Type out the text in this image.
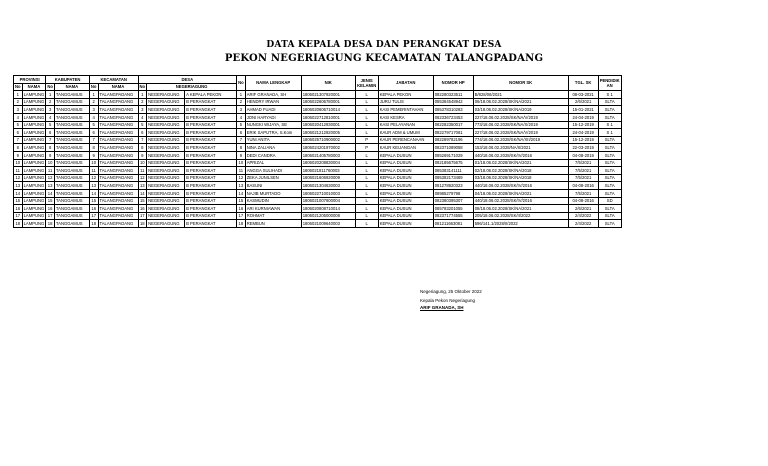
DATA KEPALA DESA DAN PERANGKAT DESA
PEKON NEGERIAGUNG KECAMATAN TALANGPADANG
PROVINSI		KABUPATEN		KECAMATAN		DESA			No	NAMA LENGKAP	NIK	JENIS KELAMIN	JABATAN	NOMOR HP	NOMOR SK	TGL. SK	PENDIDIK AN
No	NAMA	No	NAMA	No	NAMA	No	NEGERIAGUNG										
1	LAMPUNG	1	TANGGAMUS	1	TALANGPADANG	1	NEGERIAGUNG	A KEPALA PEKON	1	ARIF GRANADA, SH	1806021307920001	L	KEPALA PEKON	082280323511	B/828/08/2021	08-03-2021	S 1
2	LAMPUNG	2	TANGGAMUS	2	TALANGPADANG	2	NEGERIAGUNG	B PERANGKAT	2	HENDRY IRWAN	1806022606780001	L	JURU TULIS	085384548942	06/18.06.02.2028/SK/NA/2021	2/6/2021	SLTA
3	LAMPUNG	3	TANGGAMUS	3	TALANGPADANG	3	NEGERIAGUNG	B PERANGKAT	3	AHMAD FUADI	1806020606710014	L	KASI PEMERINTAHAN	085378310283	03/18.06.02.2028/SK/NA/2019	15-01-2021	SLTA
4	LAMPUNG	4	TANGGAMUS	4	TALANGPADANG	4	NEGERIAGUNG	B PERANGKAT	4	JONI HARYADI	1806022712810001	L	KASI KESRA	082336723453	227/18.06.02.2028/SK/NA/V/2019	24-04-2019	SLTA
5	LAMPUNG	5	TANGGAMUS	5	TALANGPADANG	5	NEGERIAGUNG	B PERANGKAT	5	NUNGKI WIJAYA, SE	1806020412930001	L	KASI PELAYANAN	082282350017	773/18.06.02.2028/SK/NA/X/2019	15-12-2019	S 1
6	LAMPUNG	6	TANGGAMUS	6	TALANGPADANG	6	NEGERIAGUNG	B PERANGKAT	6	ERIK SAPUTRA, S.Kom	1806021212920005	L	KAUR ADM & UMUM	082279717081	227/18.06.02.2028/SK/NA/V/2019	24-04-2019	S 1
7	LAMPUNG	7	TANGGAMUS	7	TALANGPADANG	7	NEGERIAGUNG	B PERANGKAT	7	YUNI ANITA	1806025710900002	P	KAUR PERENCANAAN	082289782196	774/18.06.02.2028/SK/NA/XII/2019	15-12-2019	SLTA
8	LAMPUNG	8	TANGGAMUS	8	TALANGPADANG	8	NEGERIAGUNG	B PERANGKAT	8	NINA ZALIANA	1806024201970002	P	KAUR KEUANGAN	082371089058	153/18.06.02.2028/NA/II/2021	22-03-2019	SLTA
9	LAMPUNG	9	TANGGAMUS	9	TALANGPADANG	9	NEGERIAGUNG	B PERANGKAT	9	DEDI CANDRA	1806021405780003	L	KEPALA DUSUN	085269171029	440/18.06.02.2028/SK/IV/2016	04-08-2019	SLTA
10	LAMPUNG	10	TANGGAMUS	10	TALANGPADANG	10	NEGERIAGUNG	B PERANGKAT	10	APRIZAL	1806020208830004	L	KEPALA DUSUN	082185675675	01/18.06.02.2028/SK/NA/2021	7/5/2021	SLTA
11	LAMPUNG	11	TANGGAMUS	11	TALANGPADANG	11	NEGERIAGUNG	B PERANGKAT	11	ANGGA SULIHADI	1806021811760003	L	KEPALA DUSUN	085383141111	02/18.06.02.2028/SK/NA/2018	7/5/2021	SLTA
12	LAMPUNG	12	TANGGAMUS	12	TALANGPADANG	12	NEGERIAGUNG	B PERANGKAT	12	ZEKA JUNILSEN	1806021606920009	L	KEPALA DUSUN	085382173489	03/18.06.02.2028/SK/NA/2018	7/5/2021	SLTA
13	LAMPUNG	13	TANGGAMUS	13	TALANGPADANG	13	NEGERIAGUNG	B PERANGKAT	13	BASUNI	1806021304630003	L	KEPALA DUSUN	081278920323	440/18.06.02.2028/SK/IV/2016	04-08-2016	SLTA
14	LAMPUNG	14	TANGGAMUS	14	TALANGPADANG	14	NEGERIAGUNG	B PERANGKAT	14	NAJIB MURTADO	1806022710010003	L	KEPALA DUSUN	08985279798	04/18.06.02.2028/SK/NA/2021	7/5/2021	SLTA
15	LAMPUNG	15	TANGGAMUS	15	TALANGPADANG	15	NEGERIAGUNG	B PERANGKAT	15	KASMUDIN	1806021007600004	L	KEPALA DUSUN	082380395307	440/18.06.02.2028/SK/IV/2016	04-08-2016	SD
16	LAMPUNG	16	TANGGAMUS	16	TALANGPADANG	16	NEGERIAGUNG	B PERANGKAT	16	ARI KURNIAWAN	1806020808710014	L	KEPALA DUSUN	085783201055	08/18.06.02.2028/SK/NA/2021	2/6/2021	SLTA
17	LAMPUNG	17	TANGGAMUS	17	TALANGPADANG	17	NEGERIAGUNG	B PERANGKAT	17	ROHMAT	1806021205000008	L	KEPALA DUSUN	082371774555	205/18.06.02.2028/SK/II/2022	2/4/2022	SLTA
18	LAMPUNG	18	TANGGAMUS	18	TALANGPADANG	18	NEGERIAGUNG	B PERANGKAT	18	REMBUN	1806021009640003	L	KEPALA DUSUN	081211663081	596/141.1/2028/II/2022	2/4/2022	SLTA
Negeriagung, 25 Oktober 2022
Kepala Pekon Negeriagung
ARIF GRANADA, SH
